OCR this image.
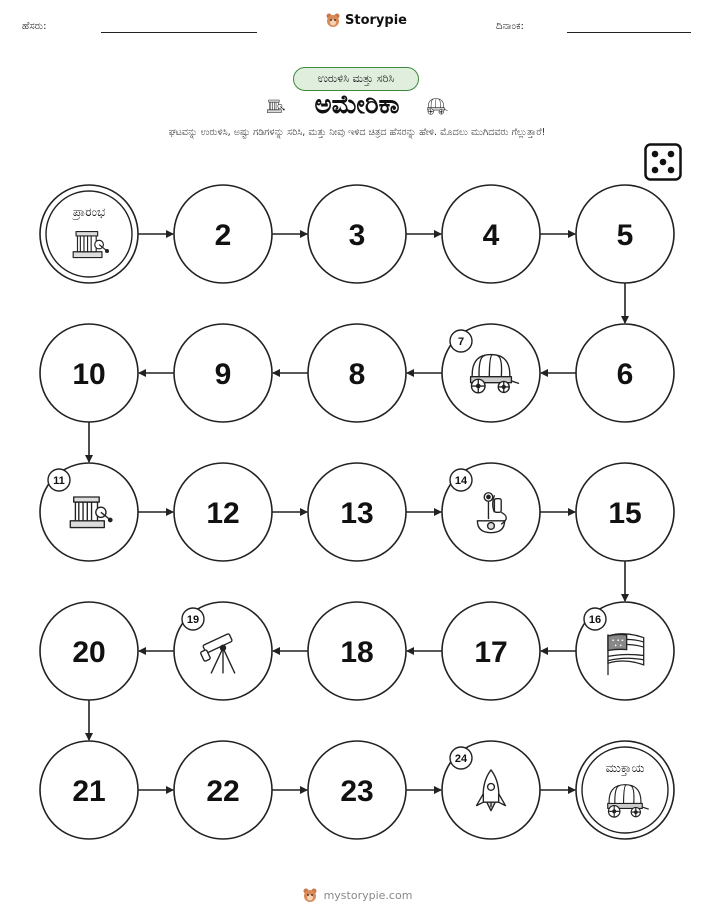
ಹೆಸರು:	Storypie	ದಿನಾಂಕ:
ಉರುಳಿಸಿ ಮತ್ತು ಸರಿಸಿ
ಅಮೇರಿಕಾ
ಘಟವನ್ನು ಉರುಳಿಸಿ, ಅಷ್ಟು ಗಡಿಗಳನ್ನು ಸರಿಸಿ, ಮತ್ತು ನೀವು ಇಳಿದ ಚಿತ್ರದ ಹೆಸರನ್ನು ಹೇಳಿ. ಮೊದಲು ಮುಗಿದವರು ಗೆಲ್ಲುತ್ತಾರೆ!
ಪ್ರಾರಂಭ
2	3	4	5
6
7
8
9
10
11
12	13
14
15
16
17
18
19
20
21	22	23
24
ಮುಕ್ತಾಯ
mystorypie.com
